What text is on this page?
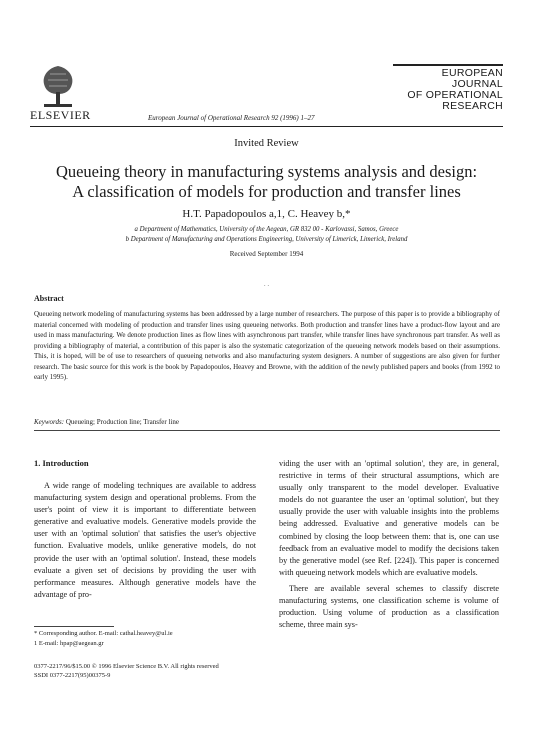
ELSEVIER
EUROPEAN
JOURNAL
OF OPERATIONAL
RESEARCH
European Journal of Operational Research 92 (1996) 1–27
Invited Review
Queueing theory in manufacturing systems analysis and design:
A classification of models for production and transfer lines
H.T. Papadopoulos a,1, C. Heavey b,*
a Department of Mathematics, University of the Aegean, GR 832 00 - Karlovassi, Samos, Greece
b Department of Manufacturing and Operations Engineering, University of Limerick, Limerick, Ireland
Received September 1994
. .
Abstract
Queueing network modeling of manufacturing systems has been addressed by a large number of researchers. The purpose of this paper is to provide a bibliography of material concerned with modeling of production and transfer lines using queueing networks. Both production and transfer lines have a product-flow layout and are used in mass manufacturing. We denote production lines as flow lines with asynchronous part transfer, while transfer lines have synchronous part transfer. As well as providing a bibliography of material, a contribution of this paper is also the systematic categorization of the queueing network models based on their assumptions. This, it is hoped, will be of use to researchers of queueing networks and also manufacturing system designers. A number of suggestions are also given for further research. The basic source for this work is the book by Papadopoulos, Heavey and Browne, with the addition of the newly published papers and books (from 1992 to early 1995).
Keywords: Queueing; Production line; Transfer line
1. Introduction

A wide range of modeling techniques are available to address manufacturing system design and operational problems. From the user's point of view it is important to differentiate between generative and evaluative models. Generative models provide the user with an 'optimal solution' that satisfies the user's objective function. Evaluative models, unlike generative models, do not provide the user with an 'optimal solution'. Instead, these models evaluate a given set of decisions by providing the user with performance measures. Although generative models have the advantage of pro-

viding the user with an 'optimal solution', they are, in general, restrictive in terms of their structural assumptions, which are usually only transparent to the model developer. Evaluative models do not guarantee the user an 'optimal solution', but they usually provide the user with valuable insights into the problems being addressed. Evaluative and generative models can be combined by closing the loop between them: that is, one can use feedback from an evaluative model to modify the decisions taken by the generative model (see Ref. [224]). This paper is concerned with queueing network models which are evaluative models.

There are available several schemes to classify discrete manufacturing systems, one classification scheme is volume of production. Using volume of production as a classification scheme, three main sys-

* Corresponding author. E-mail: cathal.heavey@ul.ie
1 E-mail: hpap@aegean.gr
0377-2217/96/$15.00 © 1996 Elsevier Science B.V. All rights reserved
SSDI 0377-2217(95)00375-9
